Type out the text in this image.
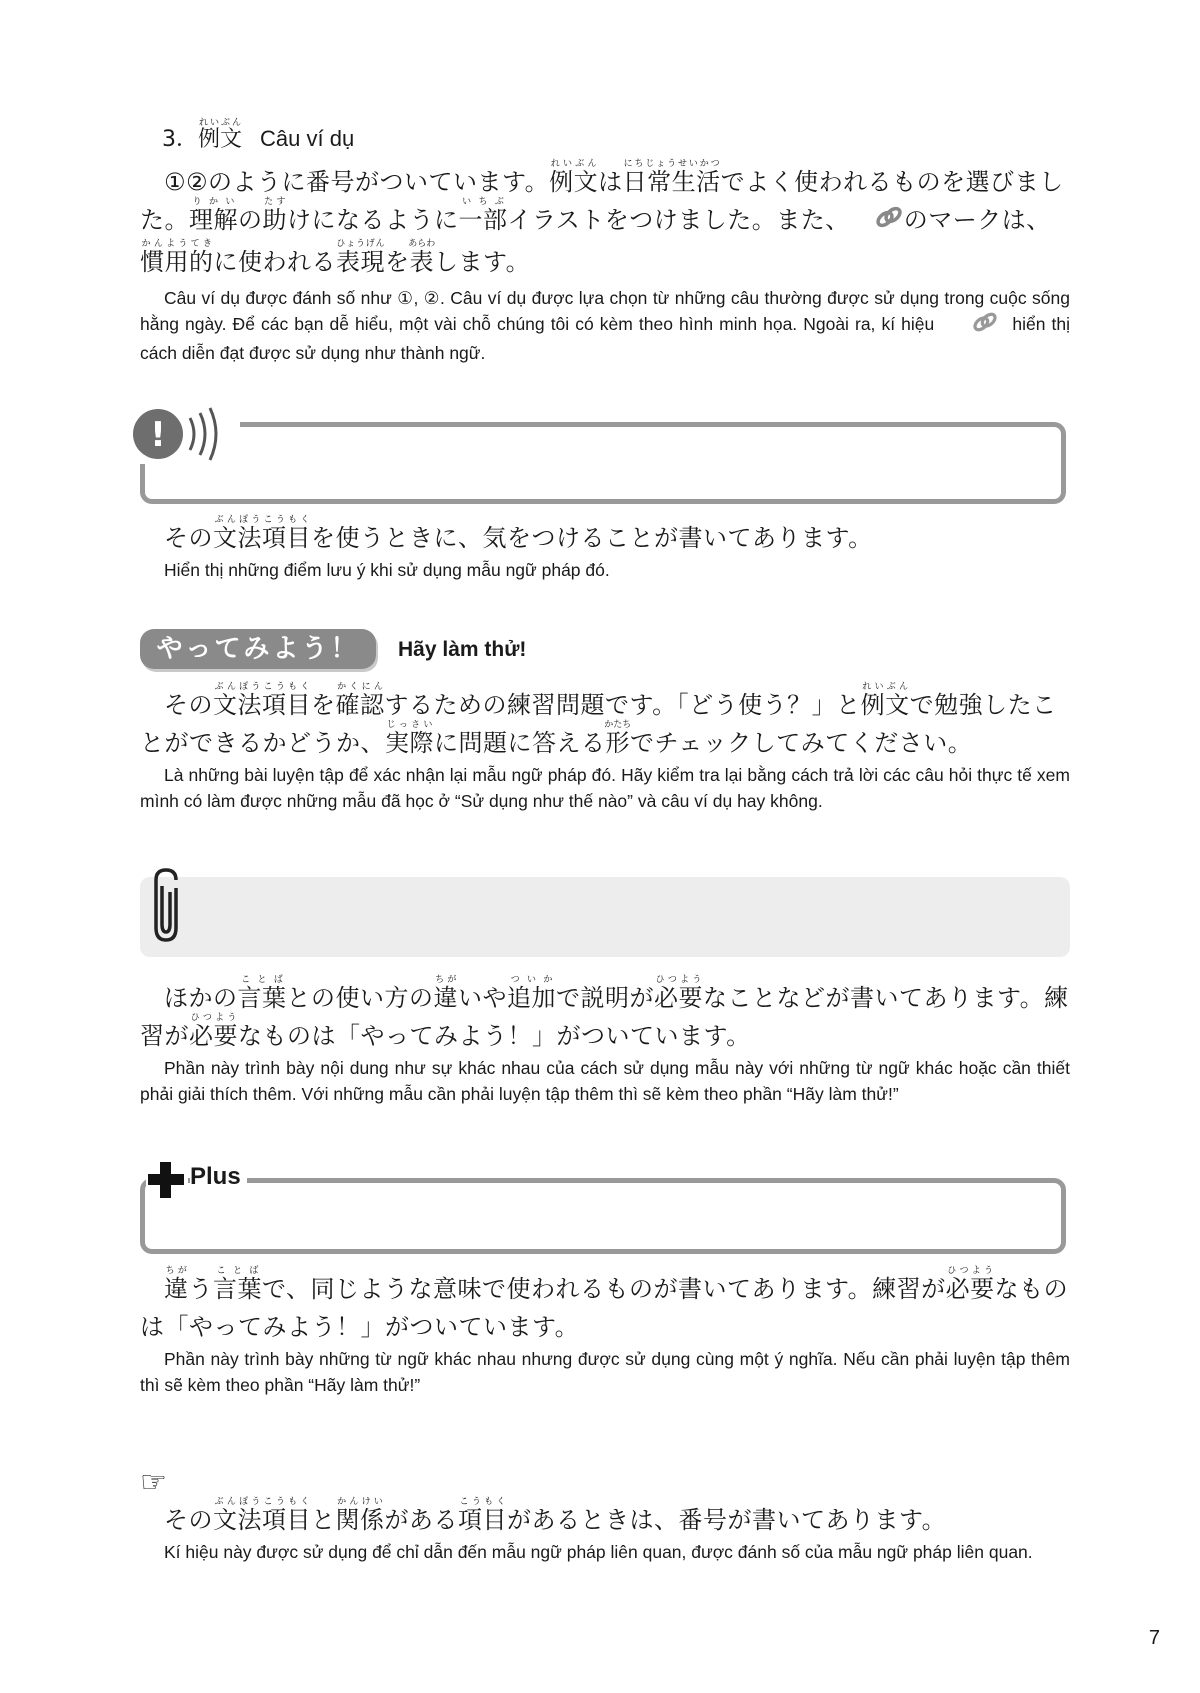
3．例文れいぶんCâu ví dụ

①②のように番号がついています。例文れいぶんは日常生活にちじょうせいかつでよく使われるものを選びました。理解りかいの助たすけになるように一部いちぶイラストをつけました。また、 のマークは、慣用的かんようてきに使われる表現ひょうげんを表あらわします。

Câu ví dụ được đánh số như ①, ②. Câu ví dụ được lựa chọn từ những câu thường được sử dụng trong cuộc sống hằng ngày. Để các bạn dễ hiểu, một vài chỗ chúng tôi có kèm theo hình minh họa. Ngoài ra, kí hiệu	hiển thị cách diễn đạt được sử dụng như thành ngữ.

!

その文法項目ぶんぽうこうもくを使うときに、気をつけることが書いてあります。

Hiển thị những điểm lưu ý khi sử dụng mẫu ngữ pháp đó.

やってみよう！	Hãy làm thử!

その文法項目ぶんぽうこうもくを確認かくにんするための練習問題です。「どう使う？」と例文れいぶんで勉強したことができるかどうか、実際じっさいに問題に答える形かたちでチェックしてみてください。

Là những bài luyện tập để xác nhận lại mẫu ngữ pháp đó. Hãy kiểm tra lại bằng cách trả lời các câu hỏi thực tế xem mình có làm được những mẫu đã học ở “Sử dụng như thế nào” và câu ví dụ hay không.

ほかの言葉ことばとの使い方の違ちがいや追加ついかで説明が必要ひつようなことなどが書いてあります。練習が必要ひつようなものは「やってみよう！」がついています。

Phần này trình bày nội dung như sự khác nhau của cách sử dụng mẫu này với những từ ngữ khác hoặc cần thiết phải giải thích thêm. Với những mẫu cần phải luyện tập thêm thì sẽ kèm theo phần “Hãy làm thử!”

Plus

違ちがう言葉ことばで、同じような意味で使われるものが書いてあります。練習が必要ひつようなものは「やってみよう！」がついています。

Phần này trình bày những từ ngữ khác nhau nhưng được sử dụng cùng một ý nghĩa. Nếu cần phải luyện tập thêm thì sẽ kèm theo phần “Hãy làm thử!”

☞

その文法項目ぶんぽうこうもくと関係かんけいがある項目こうもくがあるときは、番号が書いてあります。

Kí hiệu này được sử dụng để chỉ dẫn đến mẫu ngữ pháp liên quan, được đánh số của mẫu ngữ pháp liên quan.

7
